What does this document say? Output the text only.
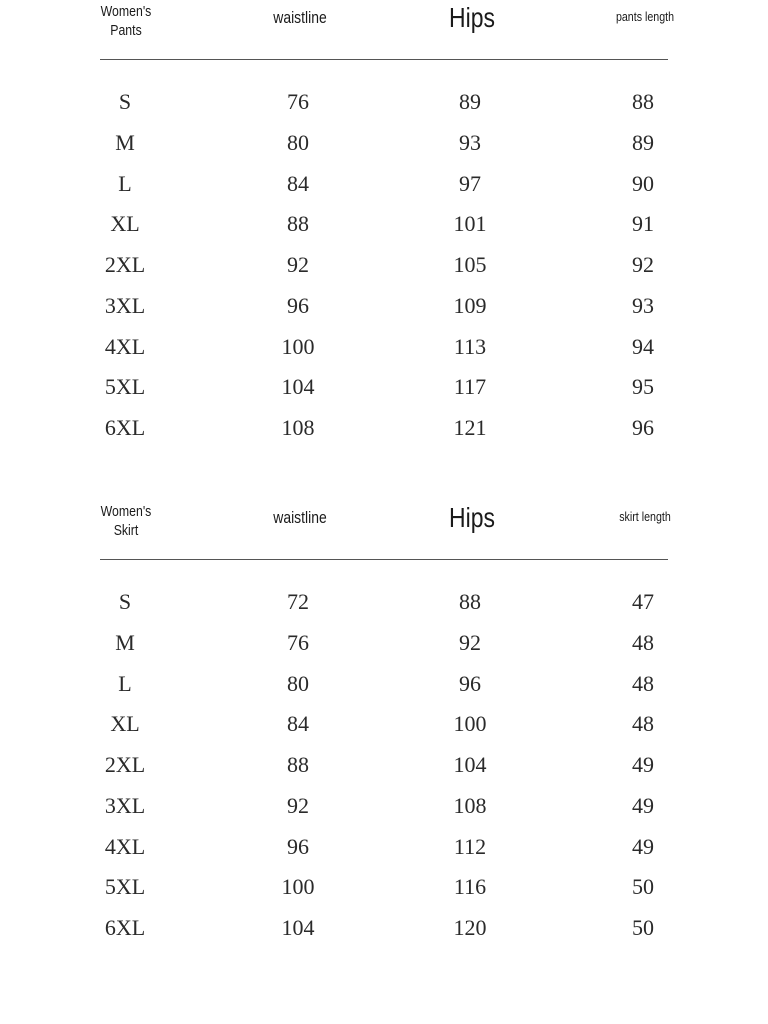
Women's
Pants
waistline	Hips	pants length
S	76	89	88
M	80	93	89
L	84	97	90
XL	88	101	91
2XL	92	105	92
3XL	96	109	93
4XL	100	113	94
5XL	104	117	95
6XL	108	121	96
Women's
Skirt
waistline	Hips	skirt length
S	72	88	47
M	76	92	48
L	80	96	48
XL	84	100	48
2XL	88	104	49
3XL	92	108	49
4XL	96	112	49
5XL	100	116	50
6XL	104	120	50
